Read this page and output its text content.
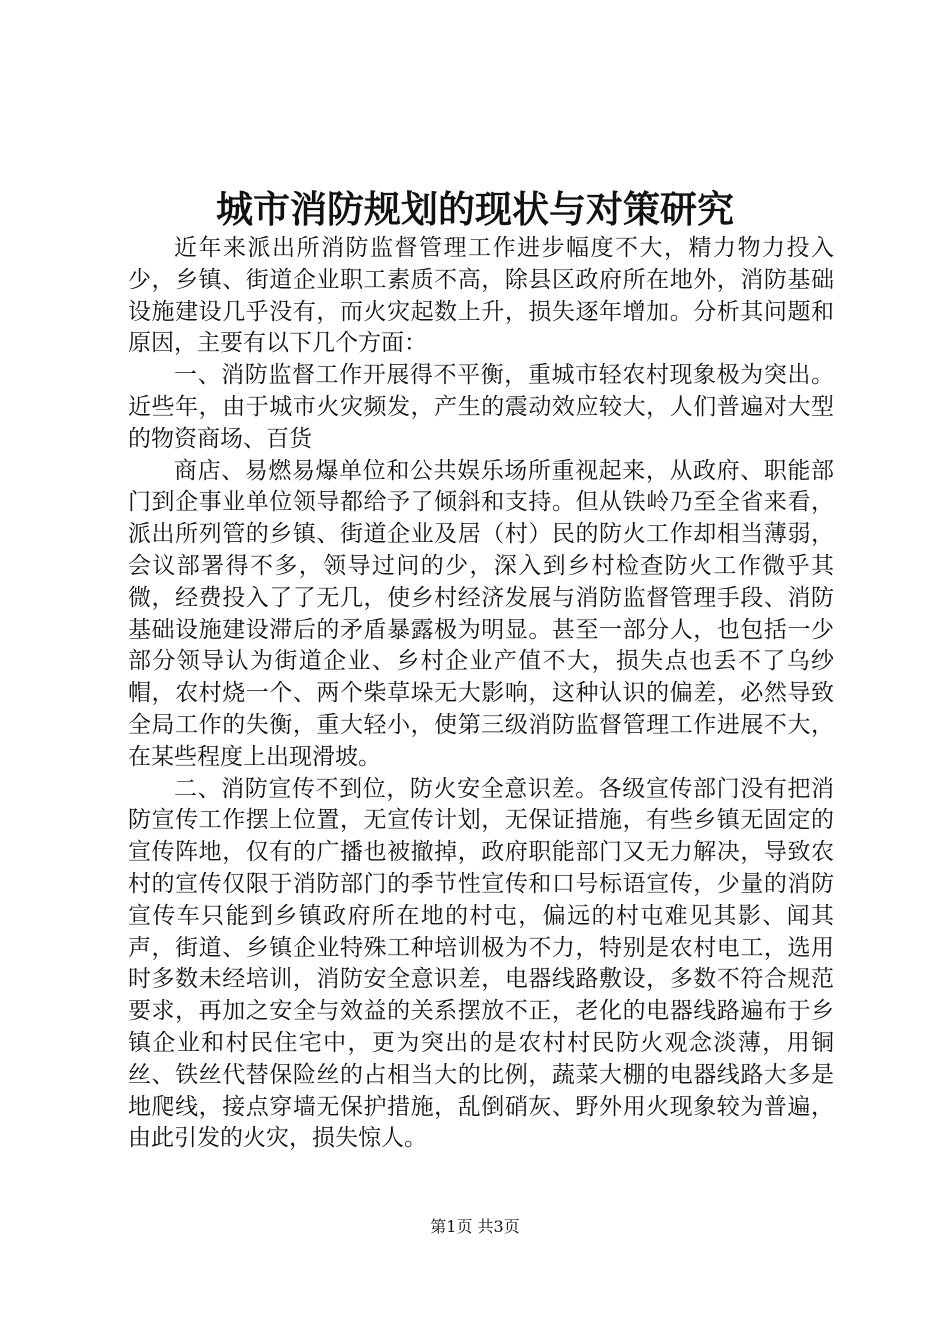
城市消防规划的现状与对策研究

近年来派出所消防监督管理工作进步幅度不大，精力物力投入少，乡镇、街道企业职工素质不高，除县区政府所在地外，消防基础设施建设几乎没有，而火灾起数上升，损失逐年增加。分析其问题和原因，主要有以下几个方面：

一、消防监督工作开展得不平衡，重城市轻农村现象极为突出。近些年，由于城市火灾频发，产生的震动效应较大，人们普遍对大型的物资商场、百货

商店、易燃易爆单位和公共娱乐场所重视起来，从政府、职能部门到企事业单位领导都给予了倾斜和支持。但从铁岭乃至全省来看，派出所列管的乡镇、街道企业及居（村）民的防火工作却相当薄弱，会议部署得不多，领导过问的少，深入到乡村检查防火工作微乎其微，经费投入了了无几，使乡村经济发展与消防监督管理手段、消防基础设施建设滞后的矛盾暴露极为明显。甚至一部分人，也包括一少部分领导认为街道企业、乡村企业产值不大，损失点也丢不了乌纱帽，农村烧一个、两个柴草垛无大影响，这种认识的偏差，必然导致全局工作的失衡，重大轻小，使第三级消防监督管理工作进展不大，在某些程度上出现滑坡。

二、消防宣传不到位，防火安全意识差。各级宣传部门没有把消防宣传工作摆上位置，无宣传计划，无保证措施，有些乡镇无固定的宣传阵地，仅有的广播也被撤掉，政府职能部门又无力解决，导致农村的宣传仅限于消防部门的季节性宣传和口号标语宣传，少量的消防宣传车只能到乡镇政府所在地的村屯，偏远的村屯难见其影、闻其声，街道、乡镇企业特殊工种培训极为不力，特别是农村电工，选用时多数未经培训，消防安全意识差，电器线路敷设，多数不符合规范要求，再加之安全与效益的关系摆放不正，老化的电器线路遍布于乡镇企业和村民住宅中，更为突出的是农村村民防火观念淡薄，用铜丝、铁丝代替保险丝的占相当大的比例，蔬菜大棚的电器线路大多是地爬线，接点穿墙无保护措施，乱倒硝灰、野外用火现象较为普遍，由此引发的火灾，损失惊人。

第1页 共3页
